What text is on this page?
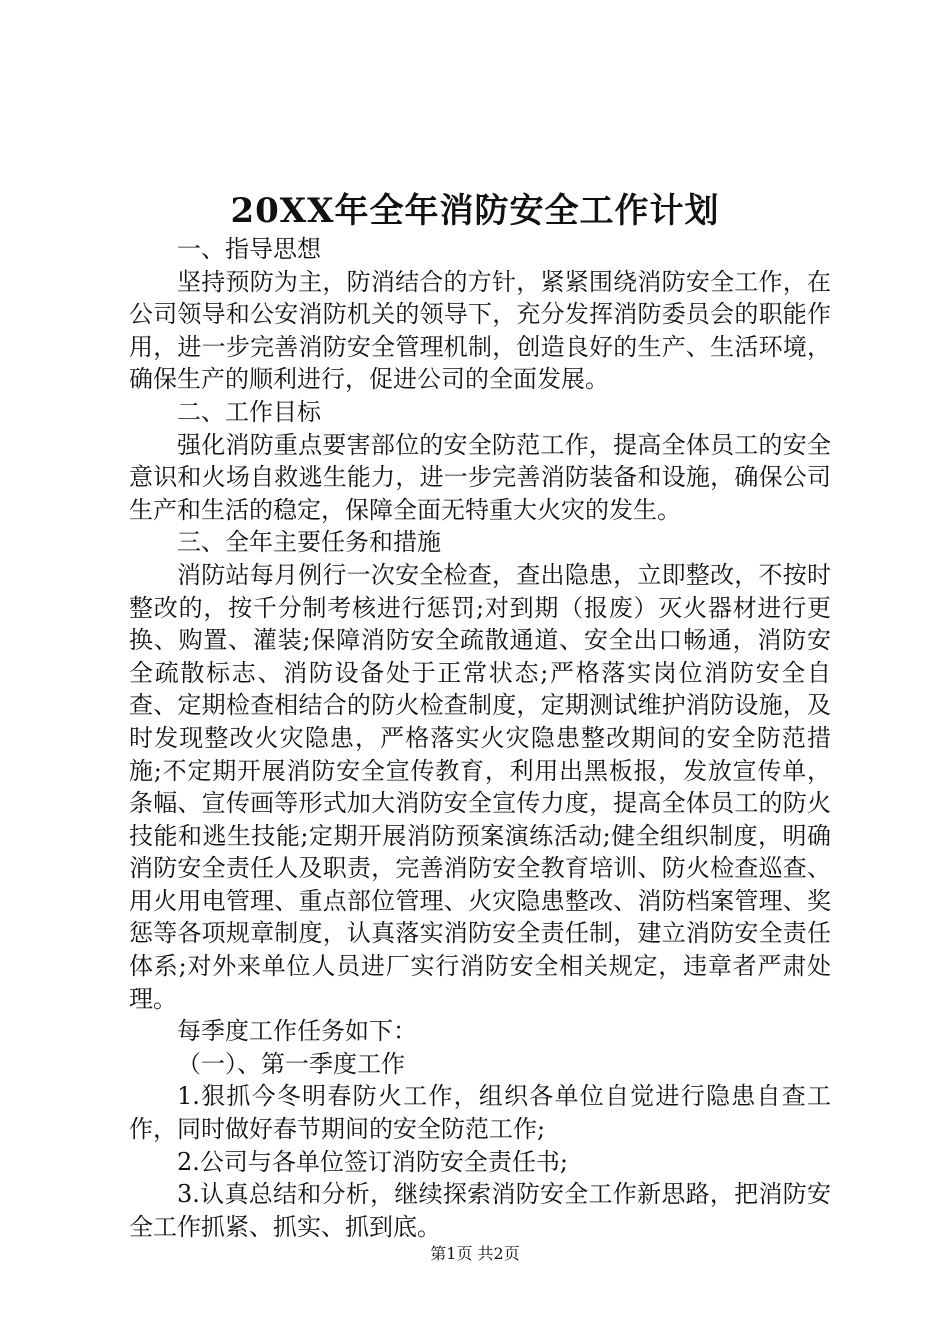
20XX年全年消防安全工作计划

一、指导思想

坚持预防为主，防消结合的方针，紧紧围绕消防安全工作，在公司领导和公安消防机关的领导下，充分发挥消防委员会的职能作用，进一步完善消防安全管理机制，创造良好的生产、生活环境，确保生产的顺利进行，促进公司的全面发展。

二、工作目标

强化消防重点要害部位的安全防范工作，提高全体员工的安全意识和火场自救逃生能力，进一步完善消防装备和设施，确保公司生产和生活的稳定，保障全面无特重大火灾的发生。

三、全年主要任务和措施

消防站每月例行一次安全检查，查出隐患，立即整改，不按时整改的，按千分制考核进行惩罚;对到期（报废）灭火器材进行更换、购置、灌装;保障消防安全疏散通道、安全出口畅通，消防安全疏散标志、消防设备处于正常状态;严格落实岗位消防安全自查、定期检查相结合的防火检查制度，定期测试维护消防设施，及时发现整改火灾隐患，严格落实火灾隐患整改期间的安全防范措施;不定期开展消防安全宣传教育，利用出黑板报，发放宣传单，条幅、宣传画等形式加大消防安全宣传力度，提高全体员工的防火技能和逃生技能;定期开展消防预案演练活动;健全组织制度，明确消防安全责任人及职责，完善消防安全教育培训、防火检查巡查、用火用电管理、重点部位管理、火灾隐患整改、消防档案管理、奖惩等各项规章制度，认真落实消防安全责任制，建立消防安全责任体系;对外来单位人员进厂实行消防安全相关规定，违章者严肃处理。

每季度工作任务如下：

（一）、第一季度工作

1.狠抓今冬明春防火工作，组织各单位自觉进行隐患自查工作，同时做好春节期间的安全防范工作;

2.公司与各单位签订消防安全责任书;

3.认真总结和分析，继续探索消防安全工作新思路，把消防安全工作抓紧、抓实、抓到底。

第1页 共2页
